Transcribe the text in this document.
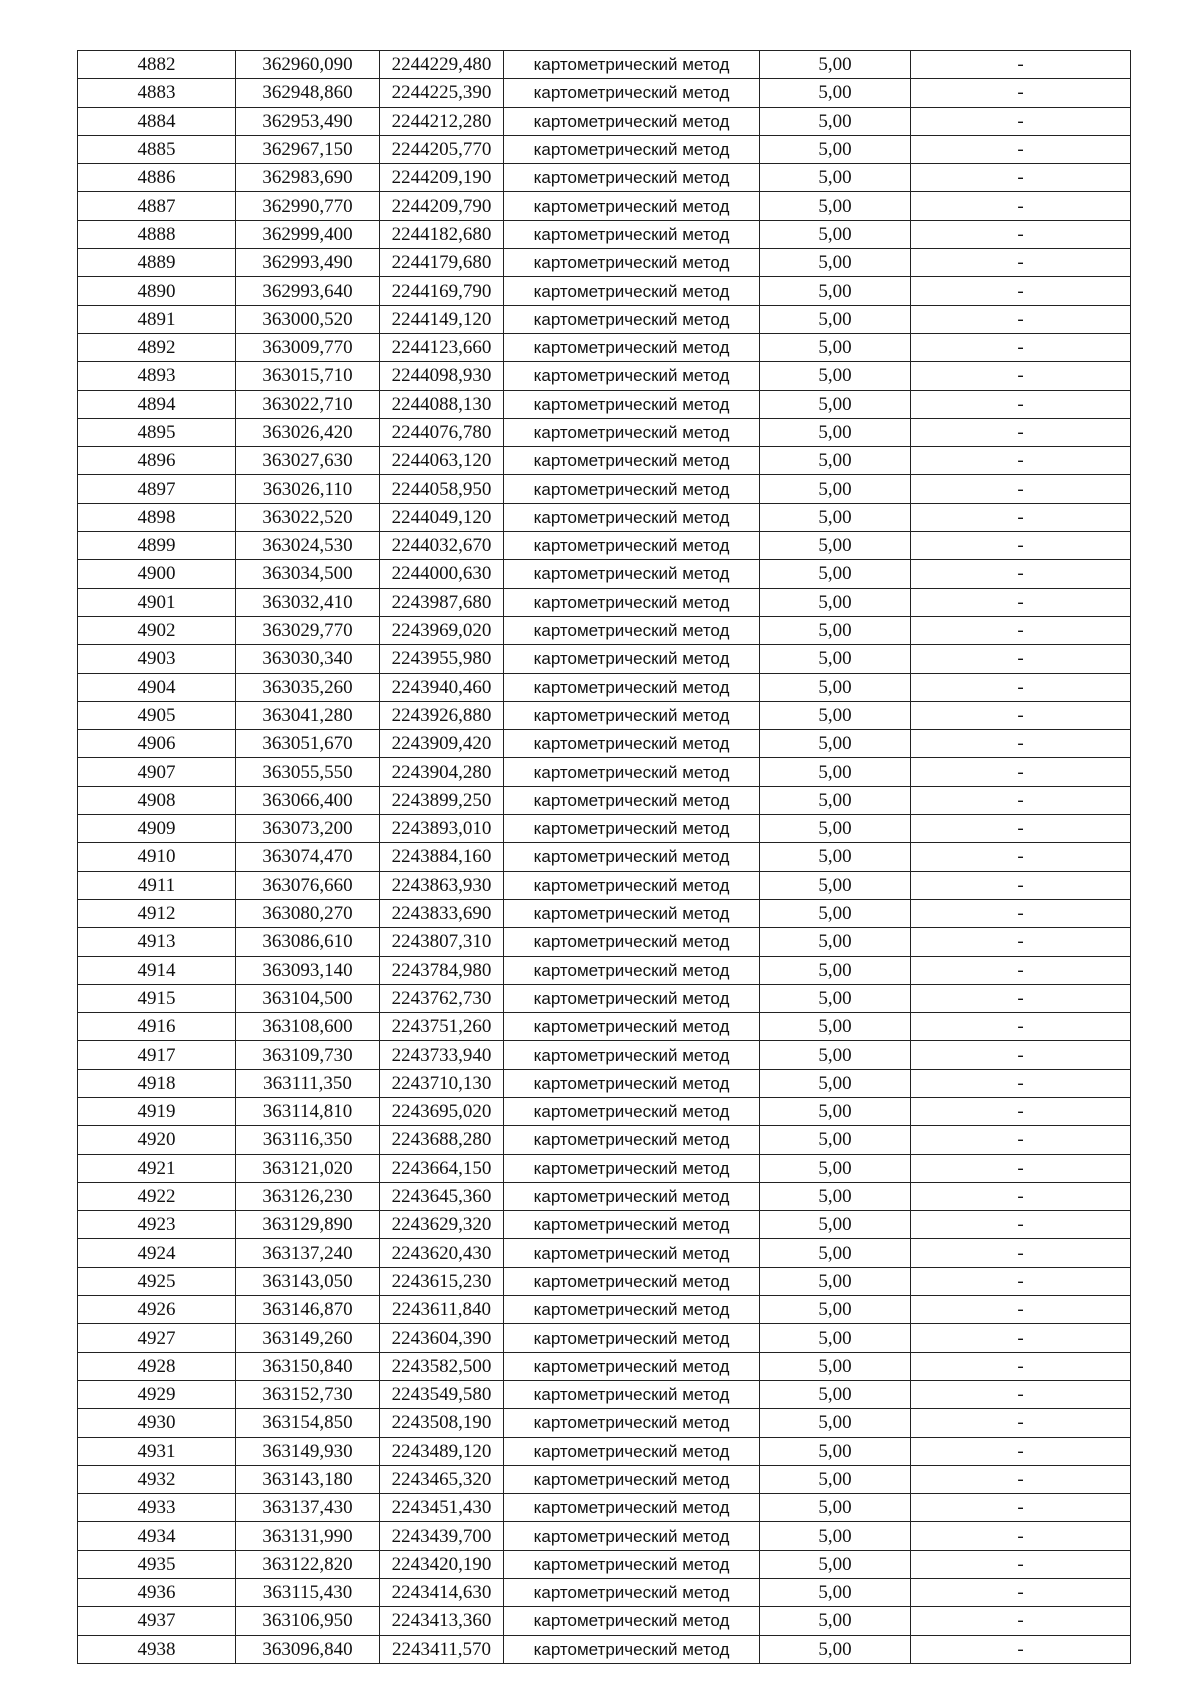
4882	362960,090	2244229,480	картометрический метод	5,00	-
4883	362948,860	2244225,390	картометрический метод	5,00	-
4884	362953,490	2244212,280	картометрический метод	5,00	-
4885	362967,150	2244205,770	картометрический метод	5,00	-
4886	362983,690	2244209,190	картометрический метод	5,00	-
4887	362990,770	2244209,790	картометрический метод	5,00	-
4888	362999,400	2244182,680	картометрический метод	5,00	-
4889	362993,490	2244179,680	картометрический метод	5,00	-
4890	362993,640	2244169,790	картометрический метод	5,00	-
4891	363000,520	2244149,120	картометрический метод	5,00	-
4892	363009,770	2244123,660	картометрический метод	5,00	-
4893	363015,710	2244098,930	картометрический метод	5,00	-
4894	363022,710	2244088,130	картометрический метод	5,00	-
4895	363026,420	2244076,780	картометрический метод	5,00	-
4896	363027,630	2244063,120	картометрический метод	5,00	-
4897	363026,110	2244058,950	картометрический метод	5,00	-
4898	363022,520	2244049,120	картометрический метод	5,00	-
4899	363024,530	2244032,670	картометрический метод	5,00	-
4900	363034,500	2244000,630	картометрический метод	5,00	-
4901	363032,410	2243987,680	картометрический метод	5,00	-
4902	363029,770	2243969,020	картометрический метод	5,00	-
4903	363030,340	2243955,980	картометрический метод	5,00	-
4904	363035,260	2243940,460	картометрический метод	5,00	-
4905	363041,280	2243926,880	картометрический метод	5,00	-
4906	363051,670	2243909,420	картометрический метод	5,00	-
4907	363055,550	2243904,280	картометрический метод	5,00	-
4908	363066,400	2243899,250	картометрический метод	5,00	-
4909	363073,200	2243893,010	картометрический метод	5,00	-
4910	363074,470	2243884,160	картометрический метод	5,00	-
4911	363076,660	2243863,930	картометрический метод	5,00	-
4912	363080,270	2243833,690	картометрический метод	5,00	-
4913	363086,610	2243807,310	картометрический метод	5,00	-
4914	363093,140	2243784,980	картометрический метод	5,00	-
4915	363104,500	2243762,730	картометрический метод	5,00	-
4916	363108,600	2243751,260	картометрический метод	5,00	-
4917	363109,730	2243733,940	картометрический метод	5,00	-
4918	363111,350	2243710,130	картометрический метод	5,00	-
4919	363114,810	2243695,020	картометрический метод	5,00	-
4920	363116,350	2243688,280	картометрический метод	5,00	-
4921	363121,020	2243664,150	картометрический метод	5,00	-
4922	363126,230	2243645,360	картометрический метод	5,00	-
4923	363129,890	2243629,320	картометрический метод	5,00	-
4924	363137,240	2243620,430	картометрический метод	5,00	-
4925	363143,050	2243615,230	картометрический метод	5,00	-
4926	363146,870	2243611,840	картометрический метод	5,00	-
4927	363149,260	2243604,390	картометрический метод	5,00	-
4928	363150,840	2243582,500	картометрический метод	5,00	-
4929	363152,730	2243549,580	картометрический метод	5,00	-
4930	363154,850	2243508,190	картометрический метод	5,00	-
4931	363149,930	2243489,120	картометрический метод	5,00	-
4932	363143,180	2243465,320	картометрический метод	5,00	-
4933	363137,430	2243451,430	картометрический метод	5,00	-
4934	363131,990	2243439,700	картометрический метод	5,00	-
4935	363122,820	2243420,190	картометрический метод	5,00	-
4936	363115,430	2243414,630	картометрический метод	5,00	-
4937	363106,950	2243413,360	картометрический метод	5,00	-
4938	363096,840	2243411,570	картометрический метод	5,00	-
